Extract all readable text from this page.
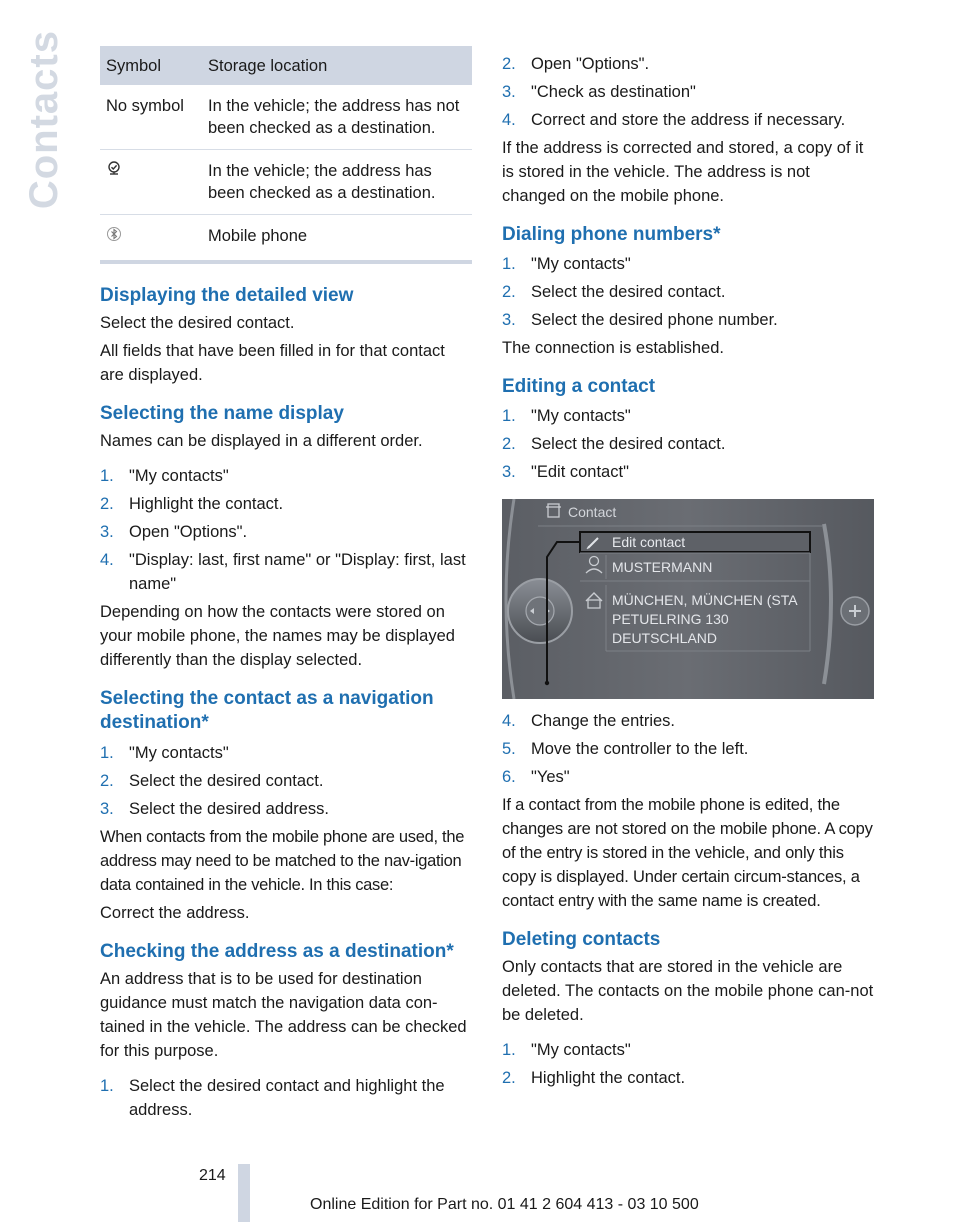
Contacts Symbol	Storage location
No symbol	In the vehicle; the address has not been checked as a destination.
	In the vehicle; the address has been checked as a destination.
	Mobile phone
Displaying the detailed view

Select the desired contact.

All fields that have been filled in for that contact are displayed.

Selecting the name display

Names can be displayed in a different order.

1. "My contacts"
2. Highlight the contact.
3. Open "Options".
4. "Display: last, first name" or "Display: first, last name"

Depending on how the contacts were stored on your mobile phone, the names may be displayed differently than the display selected.

Selecting the contact as a navigation destination*
1. "My contacts"
2. Select the desired contact.
3. Select the desired address.

When contacts from the mobile phone are used, the address may need to be matched to the nav‐igation data contained in the vehicle. In this case:

Correct the address.

Checking the address as a destination*

An address that is to be used for destination guidance must match the navigation data con‐tained in the vehicle. The address can be checked for this purpose.

1. Select the desired contact and highlight the address.
2. Open "Options".
3. "Check as destination"
4. Correct and store the address if necessary.

If the address is corrected and stored, a copy of it is stored in the vehicle. The address is not changed on the mobile phone.

Dialing phone numbers*
1. "My contacts"
2. Select the desired contact.
3. Select the desired phone number.

The connection is established.

Editing a contact
1. "My contacts"
2. Select the desired contact.
3. "Edit contact"
Contact
Edit contact
MUSTERMANN
MÜNCHEN, MÜNCHEN (STA
PETUELRING 130
DEUTSCHLAND
4. Change the entries.
5. Move the controller to the left.
6. "Yes"

If a contact from the mobile phone is edited, the changes are not stored on the mobile phone. A copy of the entry is stored in the vehicle, and only this copy is displayed. Under certain circum‐stances, a contact entry with the same name is created.

Deleting contacts

Only contacts that are stored in the vehicle are deleted. The contacts on the mobile phone can‐not be deleted.

1. "My contacts"
2. Highlight the contact.
214
Online Edition for Part no. 01 41 2 604 413 - 03 10 500
